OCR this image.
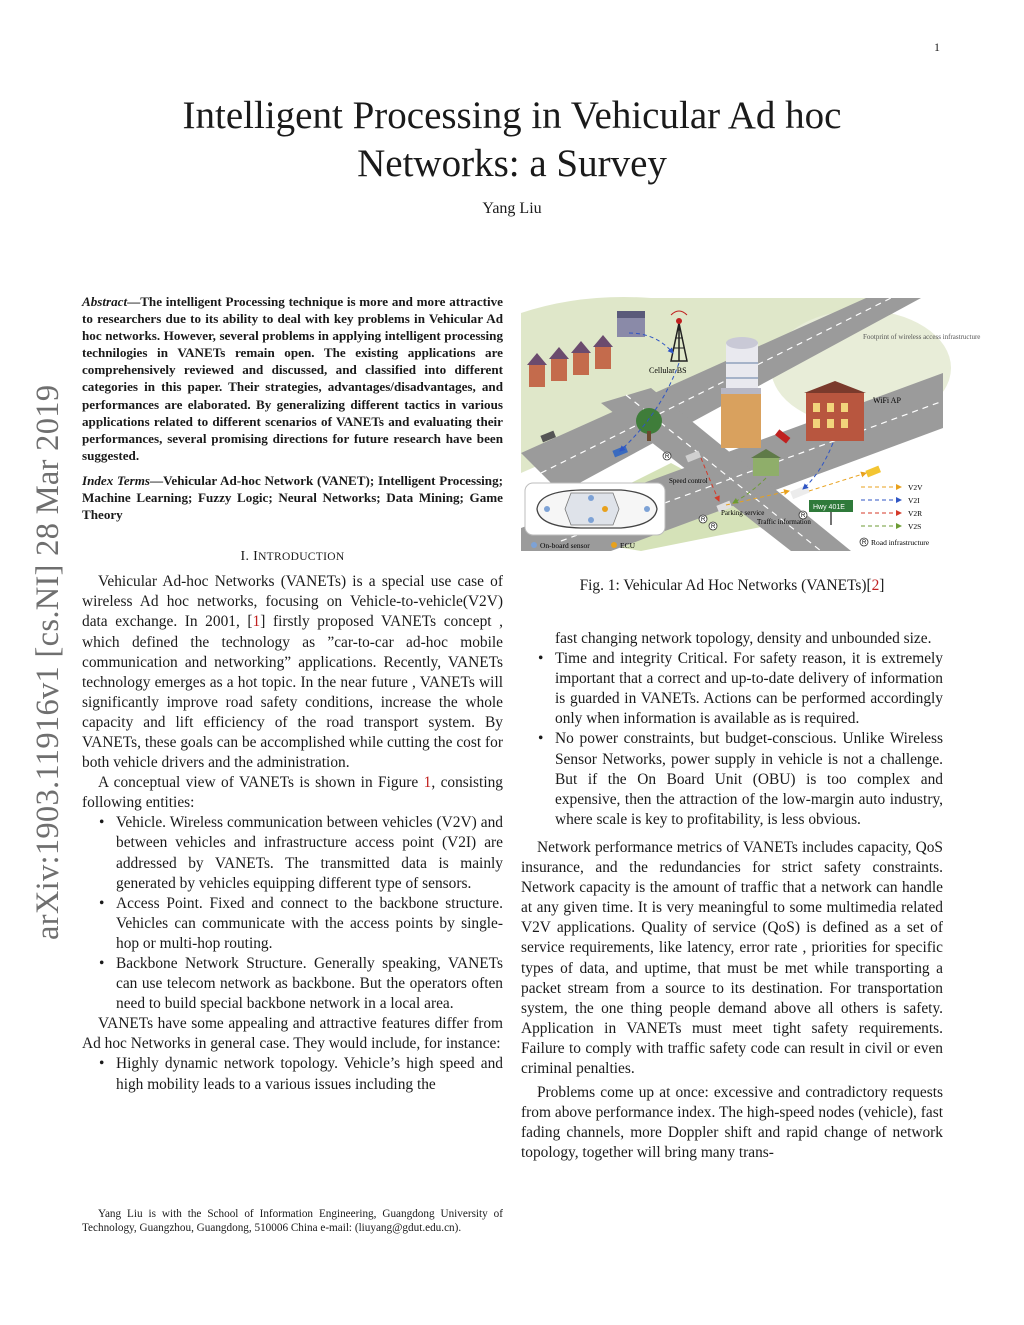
1
arXiv:1903.11916v1 [cs.NI] 28 Mar 2019
Intelligent Processing in Vehicular Ad hoc
Networks: a Survey
Yang Liu

Abstract—The intelligent Processing technique is more and more attractive to researchers due to its ability to deal with key problems in Vehicular Ad hoc networks. However, several problems in applying intelligent processing technilogies in VANETs remain open. The existing applications are comprehensively reviewed and discussed, and classified into different categories in this paper. Their strategies, advantages/disadvantages, and performances are elaborated. By generalizing different tactics in various applications related to different scenarios of VANETs and evaluating their performances, several promising directions for future research have been suggested.

Index Terms—Vehicular Ad-hoc Network (VANET); Intelligent Processing; Machine Learning; Fuzzy Logic; Neural Networks; Data Mining; Game Theory

I. INTRODUCTION

Vehicular Ad-hoc Networks (VANETs) is a special use case of wireless Ad hoc networks, focusing on Vehicle-to-vehicle(V2V) data exchange. In 2001, [1] firstly proposed VANETs concept , which defined the technology as ”car-to-car ad-hoc mobile communication and networking” applications. Recently, VANETs technology emerges as a hot topic. In the near future , VANETs will significantly improve road safety conditions, increase the whole capacity and lift efficiency of the road transport system. By VANETs, these goals can be accomplished while cutting the cost for both vehicle drivers and the administration.

A conceptual view of VANETs is shown in Figure 1, consisting following entities:

• Vehicle. Wireless communication between vehicles (V2V) and between vehicles and infrastructure access point (V2I) are addressed by VANETs. The transmitted data is mainly generated by vehicles equipping different type of sensors.
• Access Point. Fixed and connect to the backbone structure. Vehicles can communicate with the access points by single-hop or multi-hop routing.
• Backbone Network Structure. Generally speaking, VANETs can use telecom network as backbone. But the operators often need to build special backbone network in a local area.

VANETs have some appealing and attractive features differ from Ad hoc Networks in general case. They would include, for instance:

• Highly dynamic network topology. Vehicle’s high speed and high mobility leads to a various issues including the

Yang Liu is with the School of Information Engineering, Guangdong University of Technology, Guangzhou, Guangdong, 510006 China e-mail: (liuyang@gdut.edu.cn).

Cellular BS
WiFi AP
Footprint of wireless access infrastructure
Hwy 401E
R
R
R
R
Speed control
Parking service
Traffic information
On-board sensor	ECU
V2V
V2I
V2R
V2S
R Road infrastructure
Fig. 1: Vehicular Ad Hoc Networks (VANETs)[2]
fast changing network topology, density and unbounded size.
• Time and integrity Critical. For safety reason, it is extremely important that a correct and up-to-date delivery of information is guarded in VANETs. Actions can be performed accordingly only when information is available as is required.
• No power constraints, but budget-conscious. Unlike Wireless Sensor Networks, power supply in vehicle is not a challenge. But if the On Board Unit (OBU) is too complex and expensive, then the attraction of the low-margin auto industry, where scale is key to profitability, is less obvious.

Network performance metrics of VANETs includes capacity, QoS insurance, and the redundancies for strict safety constraints. Network capacity is the amount of traffic that a network can handle at any given time. It is very meaningful to some multimedia related V2V applications. Quality of service (QoS) is defined as a set of service requirements, like latency, error rate , priorities for specific types of data, and uptime, that must be met while transporting a packet stream from a source to its destination. For transportation system, the one thing people demand above all others is safety. Application in VANETs must meet tight safety requirements. Failure to comply with traffic safety code can result in civil or even criminal penalties.

Problems come up at once: excessive and contradictory requests from above performance index. The high-speed nodes (vehicle), fast fading channels, more Doppler shift and rapid change of network topology, together will bring many trans-
